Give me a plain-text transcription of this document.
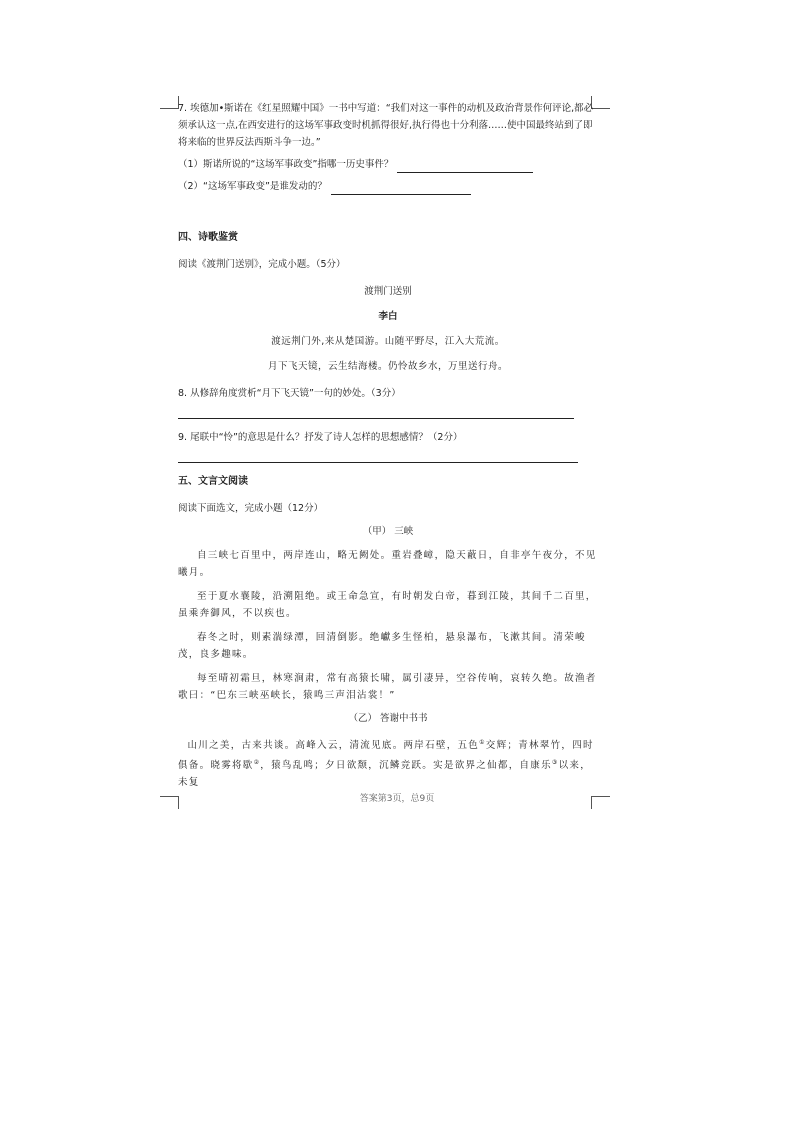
7. 埃德加•斯诺在《红星照耀中国》一书中写道：“我们对这一事件的动机及政治背景作何评论,都必须承认这一点,在西安进行的这场军事政变时机抓得很好,执行得也十分利落……使中国最终站到了即将来临的世界反法西斯斗争一边。”

（1）斯诺所说的“这场军事政变”指哪一历史事件？
（2）“这场军事政变”是谁发动的？
四、诗歌鉴赏
阅读《渡荆门送别》，完成小题。（5分）
渡荆门送别
李白
渡远荆门外,来从楚国游。山随平野尽，江入大荒流。
月下飞天镜，云生结海楼。仍怜故乡水，万里送行舟。
8. 从修辞角度赏析“月下飞天镜”一句的妙处。（3分）
9. 尾联中“怜”的意思是什么？抒发了诗人怎样的思想感情？（2分）
五、文言文阅读
阅读下面选文，完成小题（12分）
（甲） 三峡

自三峡七百里中，两岸连山，略无阙处。重岩叠嶂，隐天蔽日，自非亭午夜分，不见曦月。

至于夏水襄陵，沿溯阻绝。或王命急宣，有时朝发白帝，暮到江陵，其间千二百里，虽乘奔御风，不以疾也。

春冬之时，则素湍绿潭，回清倒影。绝巘多生怪柏，悬泉瀑布，飞漱其间。清荣峻茂，良多趣味。

每至晴初霜旦，林寒涧肃，常有高猿长啸，属引凄异，空谷传响，哀转久绝。故渔者歌曰：“巴东三峡巫峡长，猿鸣三声泪沾裳！”

（乙） 答谢中书书

山川之美，古来共谈。高峰入云，清流见底。两岸石壁，五色①交辉；青林翠竹，四时俱备。晓雾将歇②，猿鸟乱鸣；夕日欲颓，沉鳞竞跃。实是欲界之仙都，自康乐③以来，未复

答案第3页，总9页
